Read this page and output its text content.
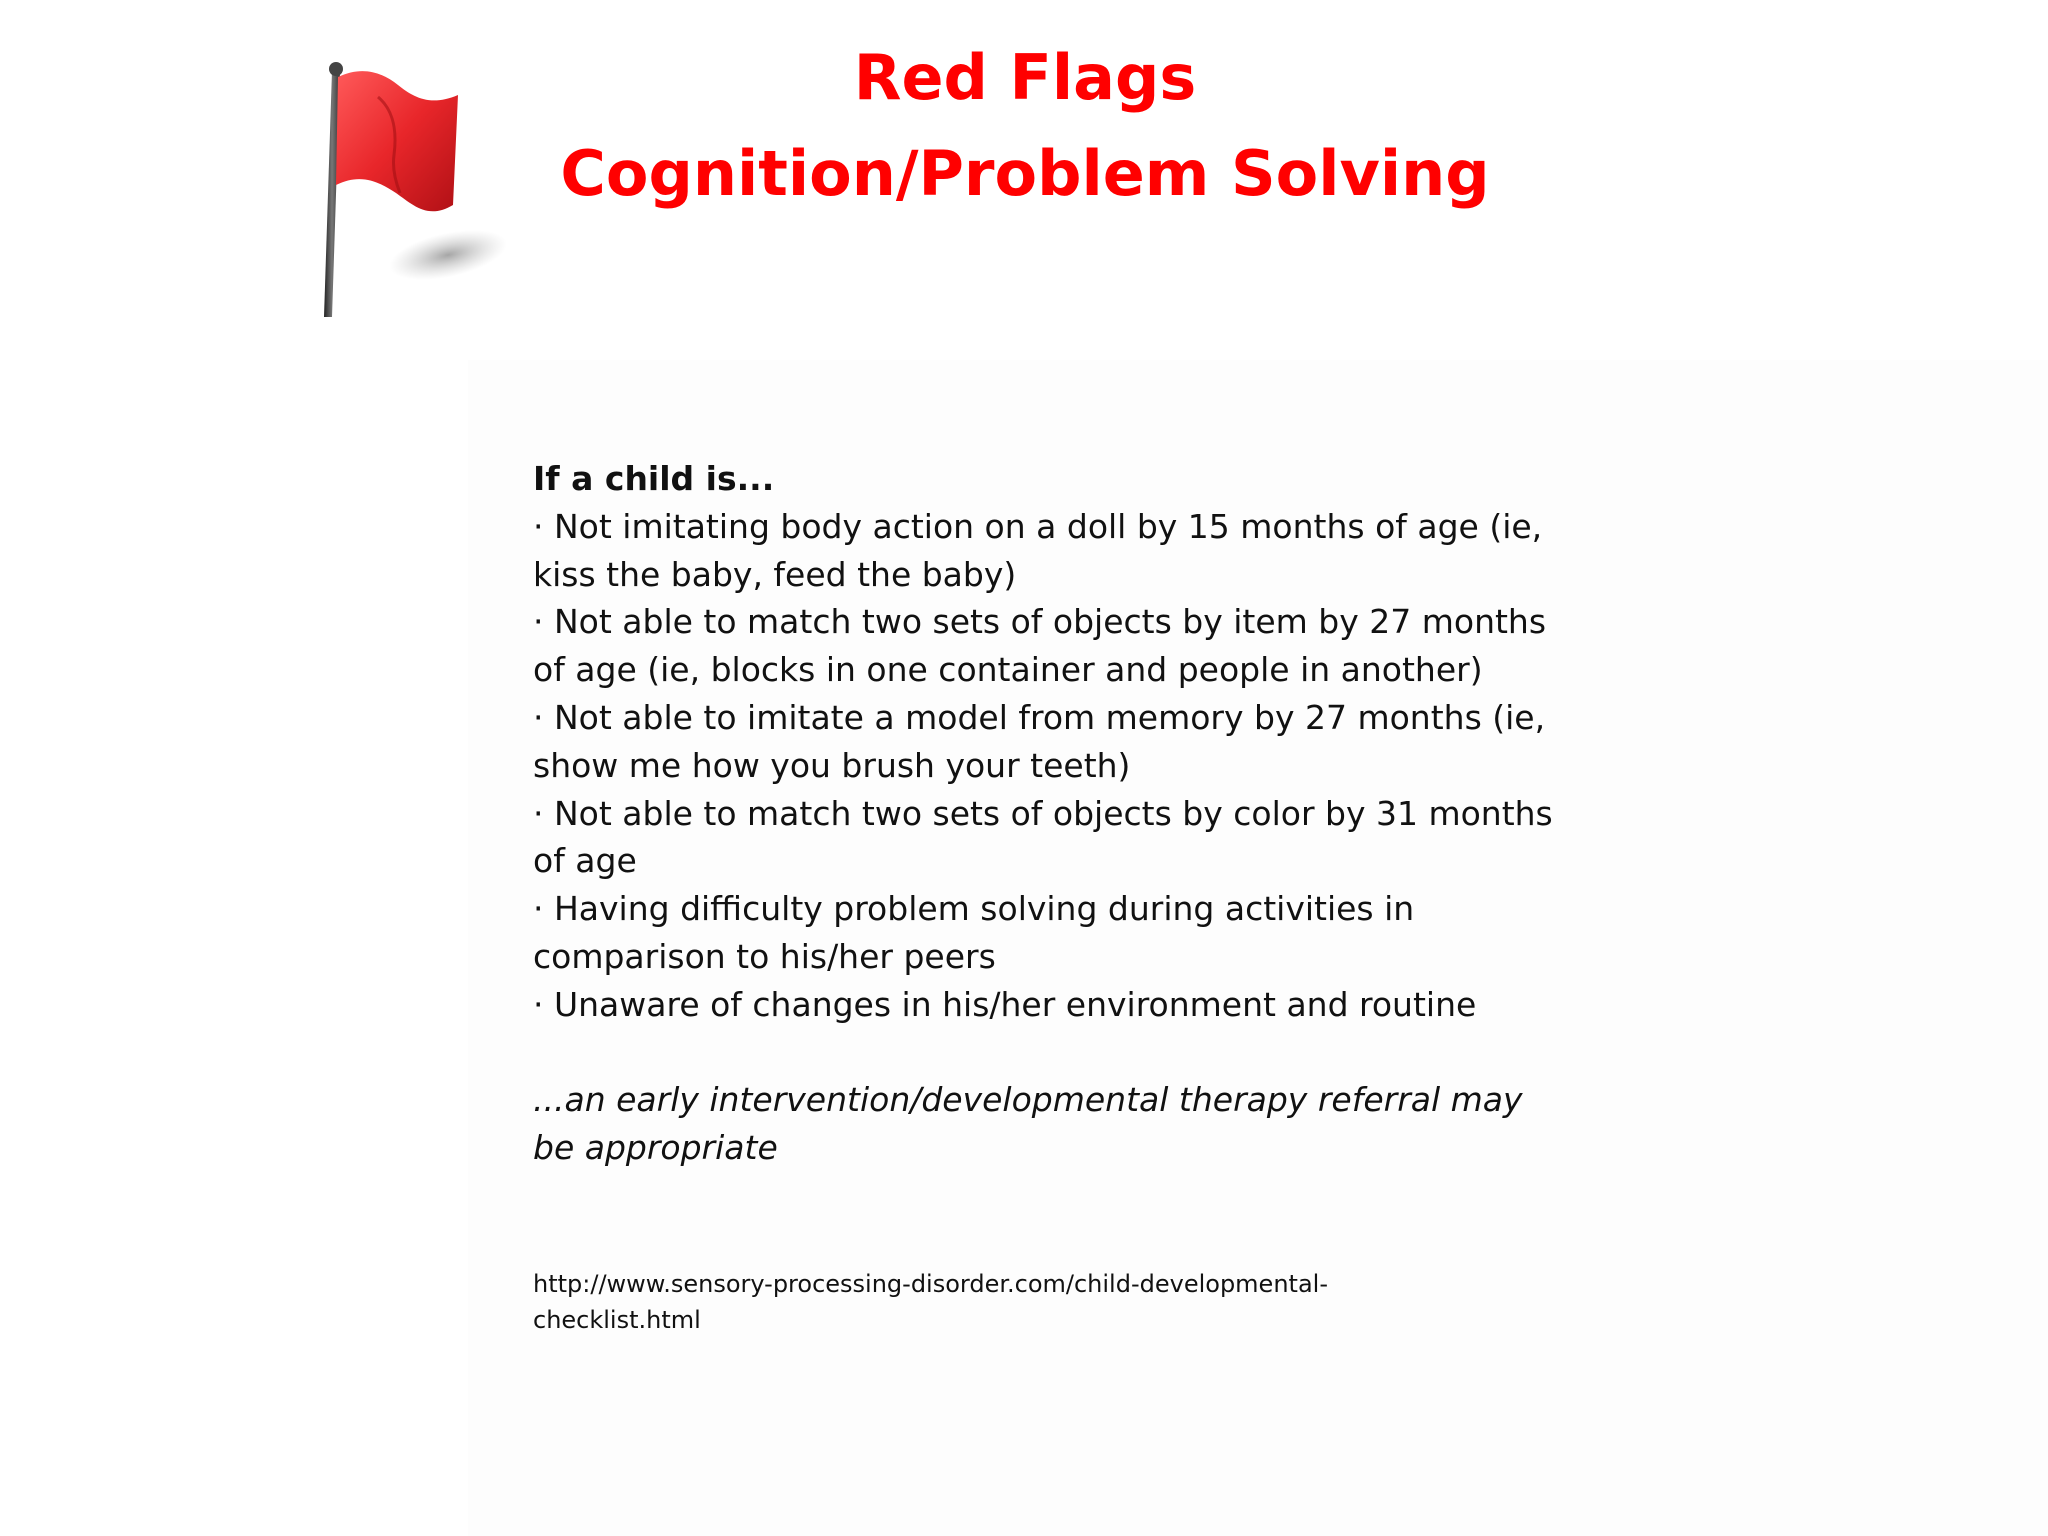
Red Flags
Cognition/Problem Solving
If a child is...
· Not imitating body action on a doll by 15 months of age (ie, kiss the baby, feed the baby)
· Not able to match two sets of objects by item by 27 months of age (ie, blocks in one container and people in another)
· Not able to imitate a model from memory by 27 months (ie, show me how you brush your teeth)
· Not able to match two sets of objects by color by 31 months of age
· Having difficulty problem solving during activities in comparison to his/her peers
· Unaware of changes in his/her environment and routine
...an early intervention/developmental therapy referral may be appropriate
http://www.sensory-processing-disorder.com/child-developmental-
checklist.html
